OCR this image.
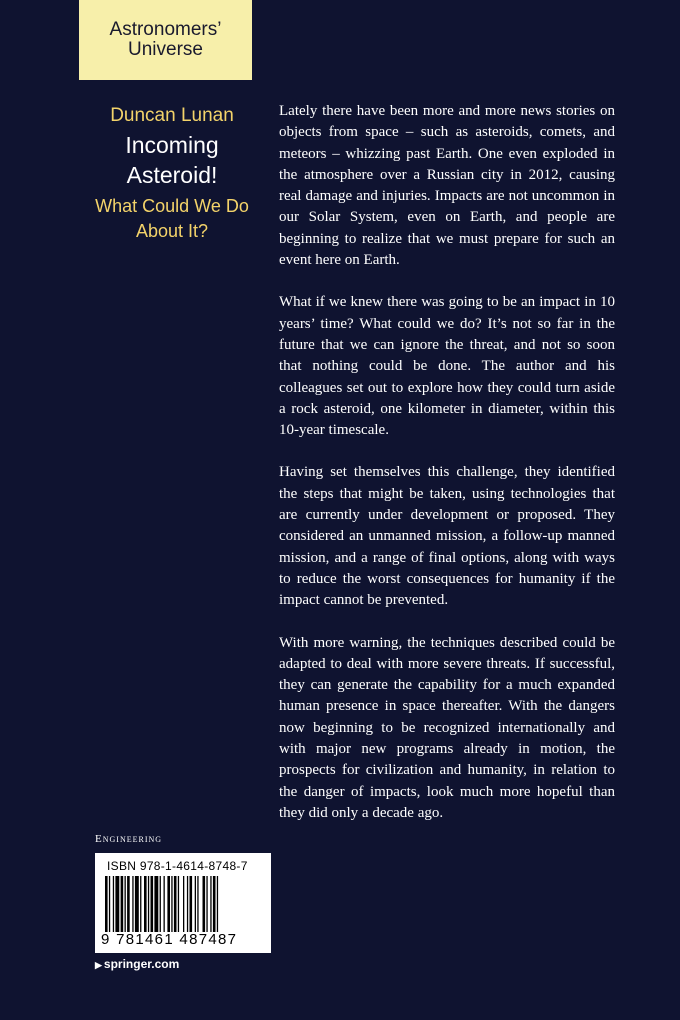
Astronomers’
Universe
Duncan Lunan
Incoming
Asteroid!
What Could We Do
About It?

Lately there have been more and more news stories on objects from space – such as asteroids, comets, and meteors – whizzing past Earth. One even exploded in the atmosphere over a Russian city in 2012, causing real damage and injuries. Impacts are not uncommon in our Solar System, even on Earth, and people are beginning to realize that we must prepare for such an event here on Earth.

What if we knew there was going to be an impact in 10 years’ time? What could we do? It’s not so far in the future that we can ignore the threat, and not so soon that nothing could be done. The author and his colleagues set out to explore how they could turn aside a rock asteroid, one kilometer in diameter, within this 10-year timescale.

Having set themselves this challenge, they identified the steps that might be taken, using technologies that are currently under development or proposed. They considered an unmanned mission, a follow-up manned mission, and a range of final options, along with ways to reduce the worst consequences for humanity if the impact cannot be prevented.

With more warning, the techniques described could be adapted to deal with more severe threats. If successful, they can generate the capability for a much expanded human presence in space thereafter. With the dangers now beginning to be recognized internationally and with major new programs already in motion, the prospects for civilization and humanity, in relation to the danger of impacts, look much more hopeful than they did only a decade ago.

Engineering
ISBN 978-1-4614-8748-7
9 781461 487487
▶ springer.com
